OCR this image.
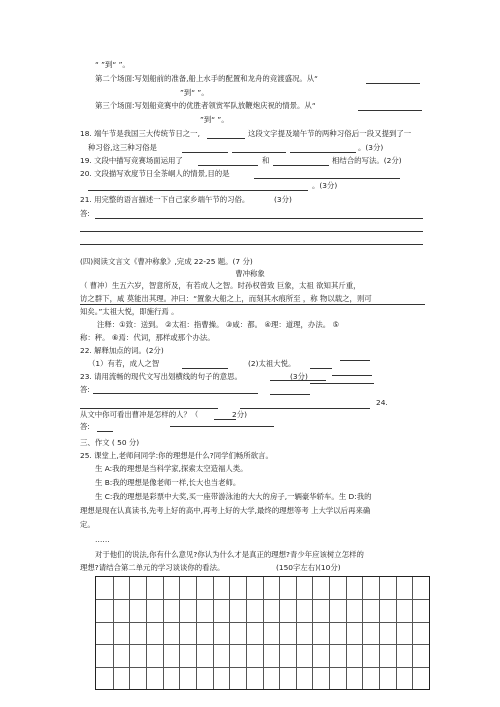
“ ”到“ ”。
第二个场面:写划船前的准备,船上水手的配置和龙舟的竞渡盛况。从“
”到“ ”。
第三个场面:写划船竞赛中的优胜者领赏军队放鞭炮庆祝的情景。从“
”到“ ”。
18. 端午节是我国三大传统节日之一,	这段文字提及端午节的两种习俗,
后一段又提到了一
种习俗,这三种习俗是	。(3分)
19. 文段中描写竞赛场面运用了	和	相结合的写法。(2分)
20. 文段描写欢度节日全茶峒人的情景,目的是
。(3分)
21. 用完整的语言描述一下自己家乡端午节的习俗。	(3分)
答:
(四)阅读文言文《曹冲称象》,完成 22-25 题。(7 分)
曹冲称象
（ 曹冲）生五六岁，智意所及，有若成人之智。时孙权曾致 巨象，太祖 欲知其斤重，
访之群下，咸 莫能出其理。冲曰：“置象大船之上，而刻其水痕所至 ，称 物以载之，则可
知矣。”太祖大悦，即施行焉 。
注释：①致：送到。 ②太祖：指曹操。 ③咸：都。 ④理：道理，办法。 ⑤
称：秤。 ⑥焉：代词，那样或那个办法。
22. 解释加点的词。(2分)
（1）有若，成人之智	(2)太祖大悦。
23. 请用流畅的现代文写出划横线的句子的意思。	(3分)
答:
24.
从文中你可看出曹冲是怎样的人？（	2分)
答:
三、作文 ( 50 分)
25. 课堂上,老师问同学:你的理想是什么?同学们畅所欲言。
生 A:我的理想是当科学家,探索太空造福人类。
生 B:我的理想是像老师一样,长大也当老师。
生 C:我的理想是彩票中大奖,买一座带游泳池的大大的房子,一辆豪华轿车。生 D:我的
理想是现在认真读书,先考上好的高中,再考上好的大学,最终的理想等考 上大学以后再来确
定。
……
对于他们的说法,你有什么意见?你认为什么才是真正的理想?青少年应该树立怎样的
理想?请结合第二单元的学习谈谈你的看法。	(150字左右)(10分)
